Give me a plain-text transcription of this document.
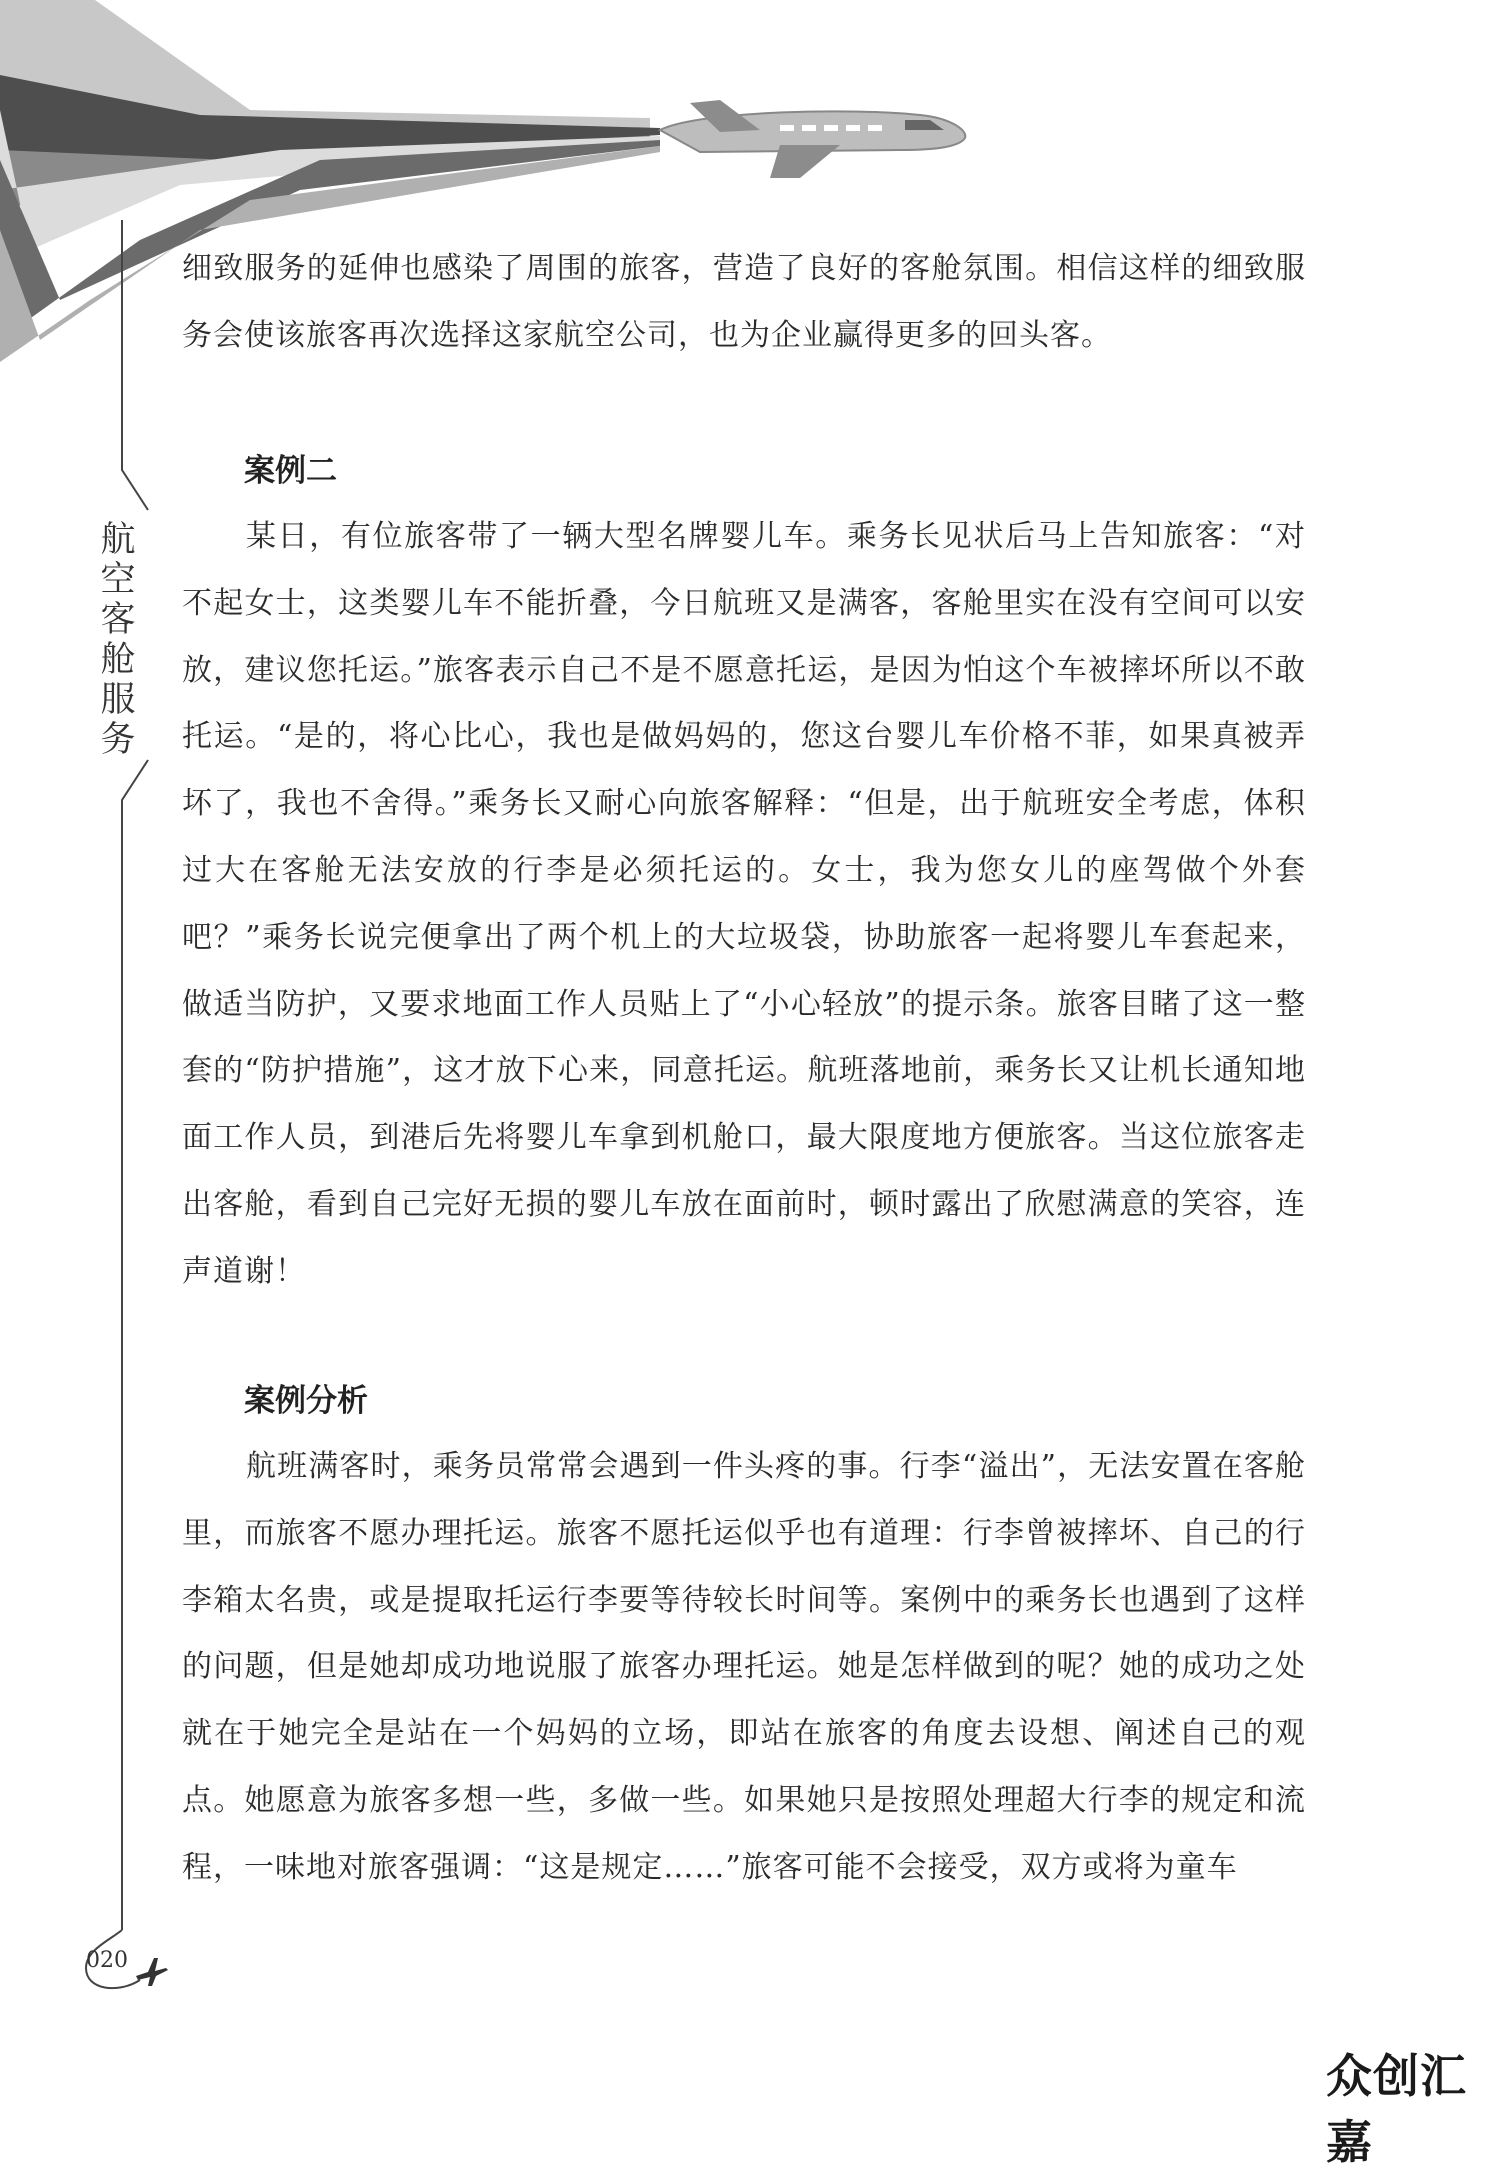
航空客舱服务

细致服务的延伸也感染了周围的旅客，营造了良好的客舱氛围。相信这样的细致服务会使该旅客再次选择这家航空公司，也为企业赢得更多的回头客。

案例二

某日，有位旅客带了一辆大型名牌婴儿车。乘务长见状后马上告知旅客：“对不起女士，这类婴儿车不能折叠，今日航班又是满客，客舱里实在没有空间可以安放，建议您托运。”旅客表示自己不是不愿意托运，是因为怕这个车被摔坏所以不敢托运。“是的，将心比心，我也是做妈妈的，您这台婴儿车价格不菲，如果真被弄坏了，我也不舍得。”乘务长又耐心向旅客解释：“但是，出于航班安全考虑，体积过大在客舱无法安放的行李是必须托运的。女士，我为您女儿的座驾做个外套吧？”乘务长说完便拿出了两个机上的大垃圾袋，协助旅客一起将婴儿车套起来，做适当防护，又要求地面工作人员贴上了“小心轻放”的提示条。旅客目睹了这一整套的“防护措施”，这才放下心来，同意托运。航班落地前，乘务长又让机长通知地面工作人员，到港后先将婴儿车拿到机舱口，最大限度地方便旅客。当这位旅客走出客舱，看到自己完好无损的婴儿车放在面前时，顿时露出了欣慰满意的笑容，连声道谢！

案例分析

航班满客时，乘务员常常会遇到一件头疼的事。行李“溢出”，无法安置在客舱里，而旅客不愿办理托运。旅客不愿托运似乎也有道理：行李曾被摔坏、自己的行李箱太名贵，或是提取托运行李要等待较长时间等。案例中的乘务长也遇到了这样的问题，但是她却成功地说服了旅客办理托运。她是怎样做到的呢？她的成功之处就在于她完全是站在一个妈妈的立场，即站在旅客的角度去设想、阐述自己的观点。她愿意为旅客多想一些，多做一些。如果她只是按照处理超大行李的规定和流程，一味地对旅客强调：“这是规定……”旅客可能不会接受，双方或将为童车

020
众创汇嘉
